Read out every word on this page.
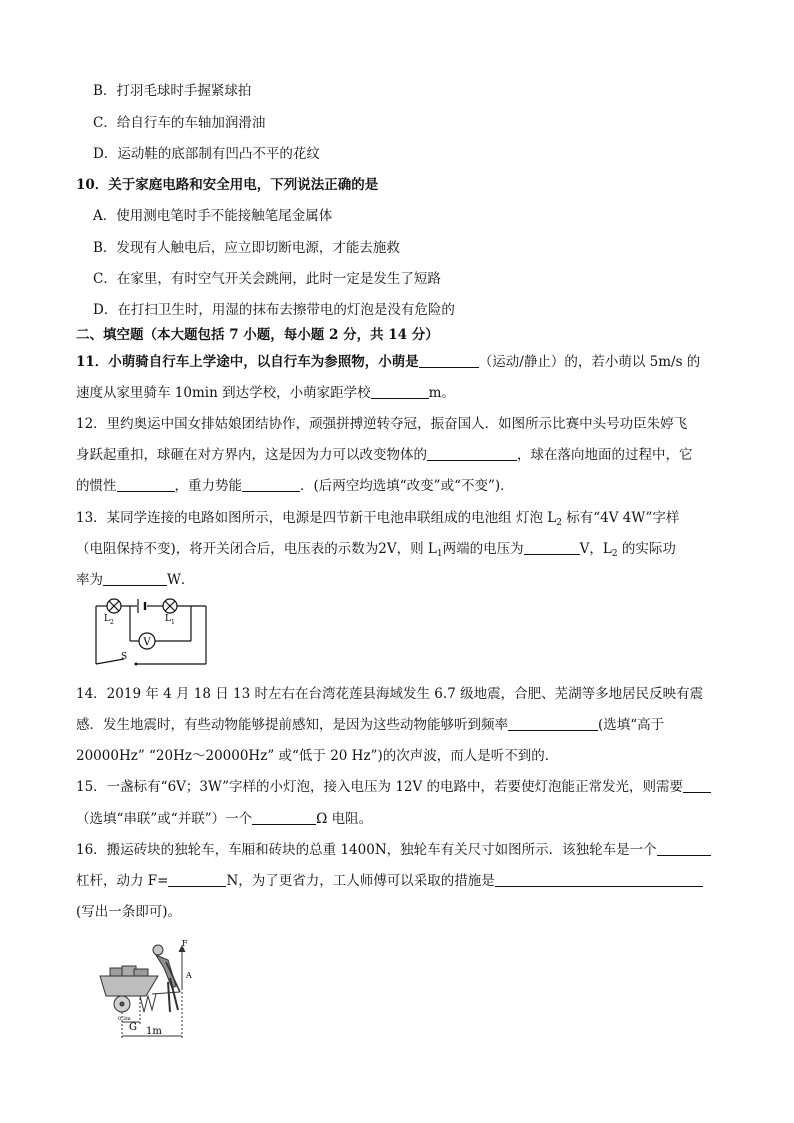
B．打羽毛球时手握紧球拍
C．给自行车的车轴加润滑油
D．运动鞋的底部制有凹凸不平的花纹
10．关于家庭电路和安全用电，下列说法正确的是
A．使用测电笔时手不能接触笔尾金属体
B．发现有人触电后，应立即切断电源，才能去施救
C．在家里，有时空气开关会跳闸，此时一定是发生了短路
D．在打扫卫生时，用湿的抹布去擦带电的灯泡是没有危险的
二、填空题（本大题包括 7 小题，每小题 2 分，共 14 分）
11．小萌骑自行车上学途中，以自行车为参照物，小萌是	（运动/静止）的，若小萌以 5m/s 的
速度从家里骑车 10min 到达学校，小萌家距学校	m。
12．里约奥运中国女排姑娘团结协作，顽强拼搏逆转夺冠，振奋国人．如图所示比赛中头号功臣朱婷飞
身跃起重扣，球砸在对方界内，这是因为力可以改变物体的	，球在落向地面的过程中，它
的惯性	，重力势能	．(后两空均选填“改变”或“不变”)．
13．某同学连接的电路如图所示，电源是四节新干电池串联组成的电池组 灯泡 $L_2$ 标有“4V 4W”字样
（电阻保持不变)，将开关闭合后，电压表的示数为2V，则 $L_1$两端的电压为	V，$L_2$ 的实际功
率为	W．
V
L 2	L 1
S
14．2019 年 4 月 18 日 13 时左右在台湾花莲县海域发生 6.7 级地震，合肥、芜湖等多地居民反映有震
感．发生地震时，有些动物能够提前感知，是因为这些动物能够听到频率	(选填“高于
20000Hz” “20Hz～20000Hz” 或“低于 20 Hz”)的次声波，而人是听不到的．
15．一盏标有“6V；3W”字样的小灯泡，接入电压为 12V 的电路中，若要使灯泡能正常发光，则需要
（选填“串联”或“并联”）一个	Ω 电阻。
16．搬运砖块的独轮车，车厢和砖块的总重 1400N，独轮车有关尺寸如图所示．该独轮车是一个
杠杆，动力 F=	N，为了更省力，工人师傅可以采取的措施是
(写出一条即可)。
F
A
G
0.3m
1m
